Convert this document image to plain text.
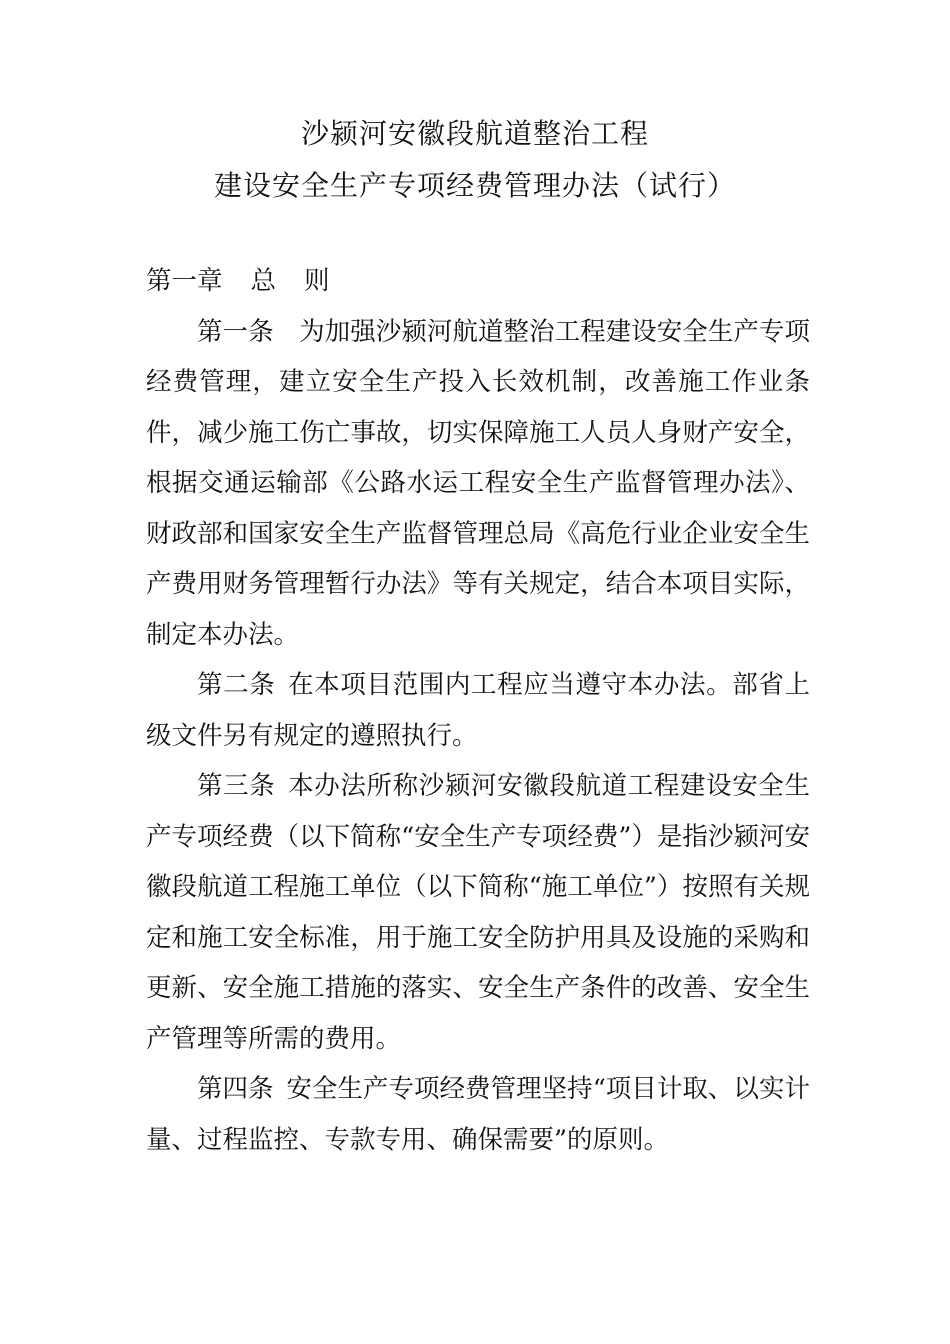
沙颍河安徽段航道整治工程
建设安全生产专项经费管理办法（试行）

第一章 总 则

第一条 为加强沙颍河航道整治工程建设安全生产专项经费管理，建立安全生产投入长效机制，改善施工作业条件，减少施工伤亡事故，切实保障施工人员人身财产安全，根据交通运输部《公路水运工程安全生产监督管理办法》、财政部和国家安全生产监督管理总局《高危行业企业安全生产费用财务管理暂行办法》等有关规定，结合本项目实际，制定本办法。

第二条 在本项目范围内工程应当遵守本办法。部省上级文件另有规定的遵照执行。

第三条 本办法所称沙颍河安徽段航道工程建设安全生产专项经费（以下简称“安全生产专项经费”）是指沙颍河安徽段航道工程施工单位（以下简称“施工单位”）按照有关规定和施工安全标准，用于施工安全防护用具及设施的采购和更新、安全施工措施的落实、安全生产条件的改善、安全生产管理等所需的费用。

第四条 安全生产专项经费管理坚持“项目计取、以实计量、过程监控、专款专用、确保需要”的原则。
